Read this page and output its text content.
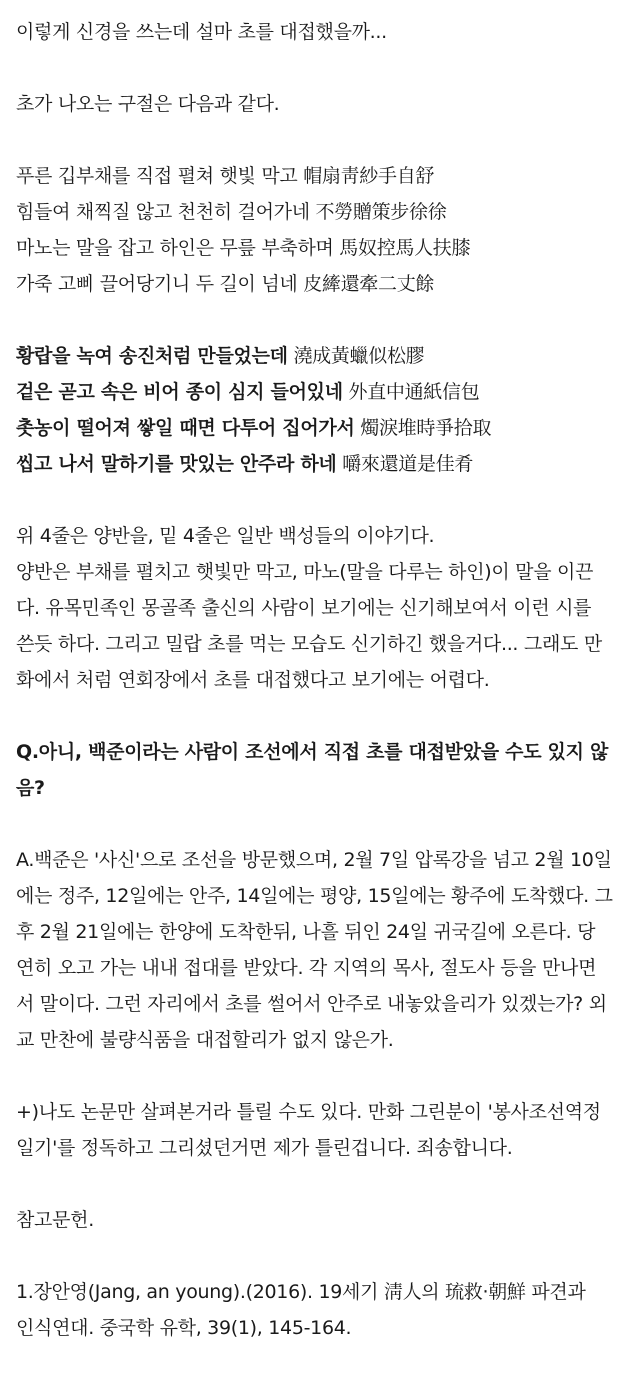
이렇게 신경을 쓰는데 설마 초를 대접했을까...

초가 나오는 구절은 다음과 같다.

푸른 깁부채를 직접 펼쳐 햇빛 막고 帽扇靑紗手自舒
힘들여 채찍질 않고 천천히 걸어가네 不勞贈策步徐徐
마노는 말을 잡고 하인은 무릎 부축하며 馬奴控馬人扶膝
가죽 고삐 끌어당기니 두 길이 넘네 皮縴還牽二丈餘

황랍을 녹여 송진처럼 만들었는데 澆成黃蠟似松膠
겉은 곧고 속은 비어 종이 심지 들어있네 外直中通紙信包
촛농이 떨어져 쌓일 때면 다투어 집어가서 燭淚堆時爭拾取
씹고 나서 말하기를 맛있는 안주라 하네 嚼來還道是佳肴

위 4줄은 양반을, 밑 4줄은 일반 백성들의 이야기다.
양반은 부채를 펼치고 햇빛만 막고, 마노(말을 다루는 하인)이 말을 이끈
다. 유목민족인 몽골족 출신의 사람이 보기에는 신기해보여서 이런 시를
쓴듯 하다. 그리고 밀랍 초를 먹는 모습도 신기하긴 했을거다... 그래도 만
화에서 처럼 연회장에서 초를 대접했다고 보기에는 어렵다.

Q.아니, 백준이라는 사람이 조선에서 직접 초를 대접받았을 수도 있지 않
음?

A.백준은 '사신'으로 조선을 방문했으며, 2월 7일 압록강을 넘고 2월 10일
에는 정주, 12일에는 안주, 14일에는 평양, 15일에는 황주에 도착했다. 그
후 2월 21일에는 한양에 도착한뒤, 나흘 뒤인 24일 귀국길에 오른다. 당
연히 오고 가는 내내 접대를 받았다. 각 지역의 목사, 절도사 등을 만나면
서 말이다. 그런 자리에서 초를 썰어서 안주로 내놓았을리가 있겠는가? 외
교 만찬에 불량식품을 대접할리가 없지 않은가.

+)나도 논문만 살펴본거라 틀릴 수도 있다. 만화 그린분이 '봉사조선역정
일기'를 정독하고 그리셨던거면 제가 틀린겁니다. 죄송합니다.

참고문헌.

1.장안영(Jang, an young).(2016). 19세기 淸人의 琉救·朝鮮 파견과
인식연대. 중국학 유학, 39(1), 145-164.
